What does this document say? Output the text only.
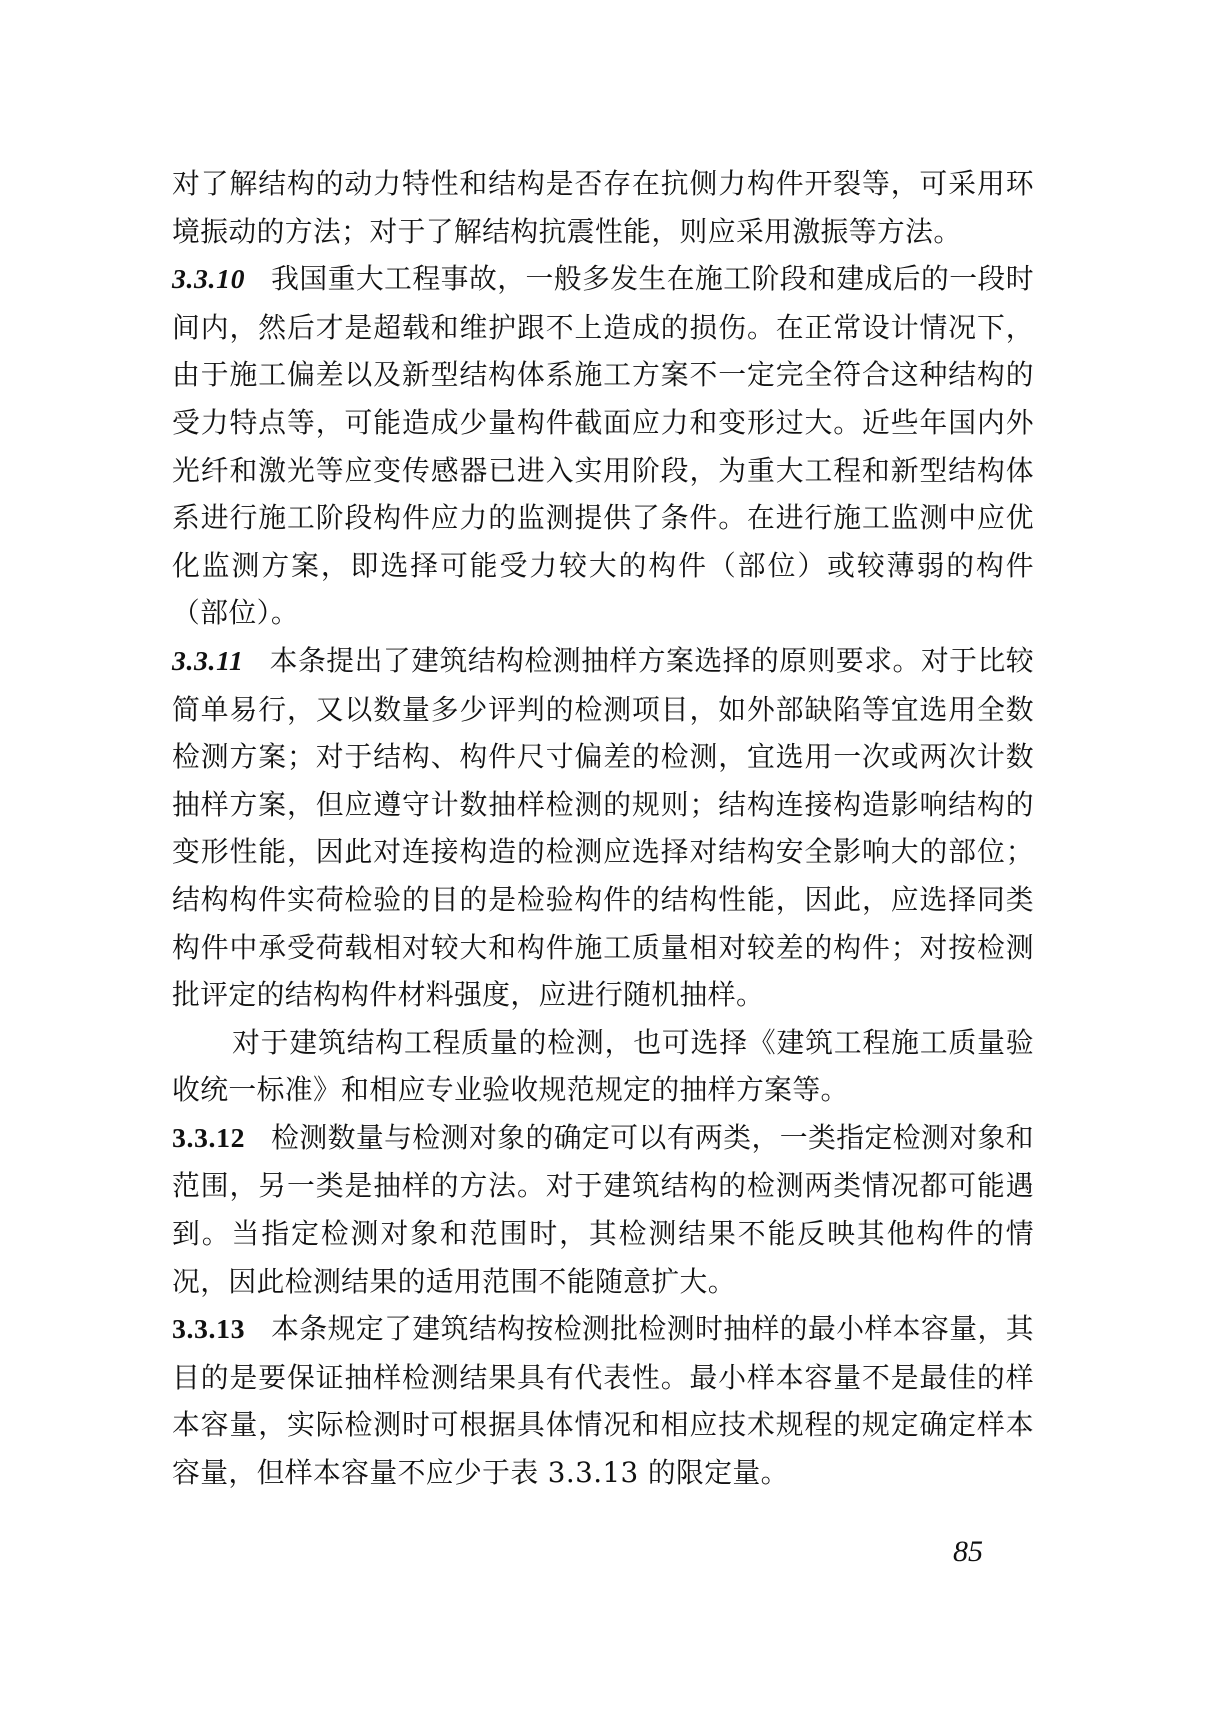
对了解结构的动力特性和结构是否存在抗侧力构件开裂等，可采用环境振动的方法；对于了解结构抗震性能，则应采用激振等方法。

3.3.10 我国重大工程事故，一般多发生在施工阶段和建成后的一段时间内，然后才是超载和维护跟不上造成的损伤。在正常设计情况下，由于施工偏差以及新型结构体系施工方案不一定完全符合这种结构的受力特点等，可能造成少量构件截面应力和变形过大。近些年国内外光纤和激光等应变传感器已进入实用阶段，为重大工程和新型结构体系进行施工阶段构件应力的监测提供了条件。在进行施工监测中应优化监测方案，即选择可能受力较大的构件（部位）或较薄弱的构件（部位）。

3.3.11 本条提出了建筑结构检测抽样方案选择的原则要求。对于比较简单易行，又以数量多少评判的检测项目，如外部缺陷等宜选用全数检测方案；对于结构、构件尺寸偏差的检测，宜选用一次或两次计数抽样方案，但应遵守计数抽样检测的规则；结构连接构造影响结构的变形性能，因此对连接构造的检测应选择对结构安全影响大的部位；结构构件实荷检验的目的是检验构件的结构性能，因此，应选择同类构件中承受荷载相对较大和构件施工质量相对较差的构件；对按检测批评定的结构构件材料强度，应进行随机抽样。

对于建筑结构工程质量的检测，也可选择《建筑工程施工质量验收统一标准》和相应专业验收规范规定的抽样方案等。

3.3.12 检测数量与检测对象的确定可以有两类，一类指定检测对象和范围，另一类是抽样的方法。对于建筑结构的检测两类情况都可能遇到。当指定检测对象和范围时，其检测结果不能反映其他构件的情况，因此检测结果的适用范围不能随意扩大。

3.3.13 本条规定了建筑结构按检测批检测时抽样的最小样本容量，其目的是要保证抽样检测结果具有代表性。最小样本容量不是最佳的样本容量，实际检测时可根据具体情况和相应技术规程的规定确定样本容量，但样本容量不应少于表 3.3.13 的限定量。

85
